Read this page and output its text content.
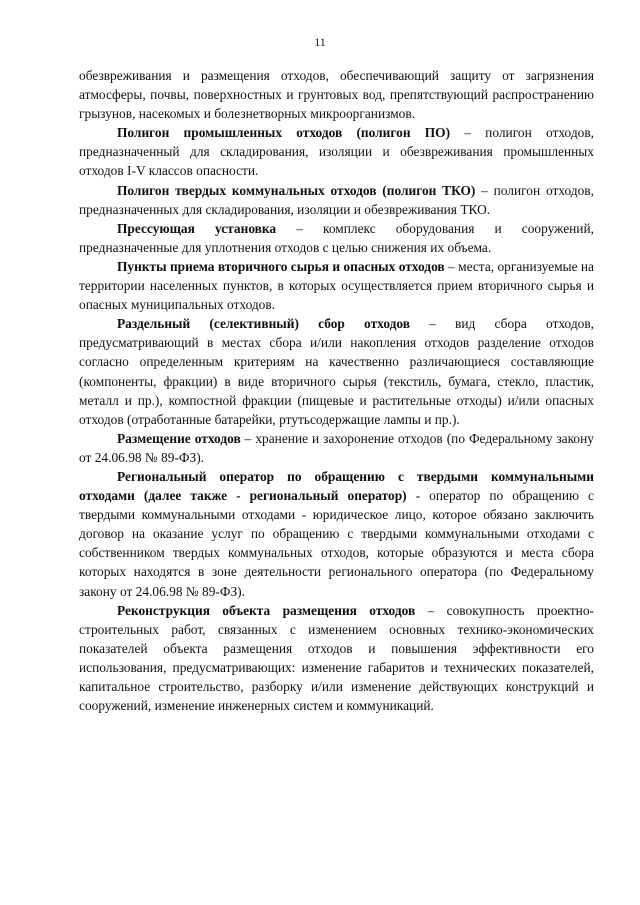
11

обезвреживания и размещения отходов, обеспечивающий защиту от загрязнения атмосферы, почвы, поверхностных и грунтовых вод, препятствующий распространению грызунов, насекомых и болезнетворных микроорганизмов.

Полигон промышленных отходов (полигон ПО) – полигон отходов, предназначенный для складирования, изоляции и обезвреживания промышленных отходов I-V классов опасности.

Полигон твердых коммунальных отходов (полигон ТКО) – полигон отходов, предназначенных для складирования, изоляции и обезвреживания ТКО.

Прессующая установка – комплекс оборудования и сооружений, предназначенные для уплотнения отходов с целью снижения их объема.

Пункты приема вторичного сырья и опасных отходов – места, организуемые на территории населенных пунктов, в которых осуществляется прием вторичного сырья и опасных муниципальных отходов.

Раздельный (селективный) сбор отходов – вид сбора отходов, предусматривающий в местах сбора и/или накопления отходов разделение отходов согласно определенным критериям на качественно различающиеся составляющие (компоненты, фракции) в виде вторичного сырья (текстиль, бумага, стекло, пластик, металл и пр.), компостной фракции (пищевые и растительные отходы) и/или опасных отходов (отработанные батарейки, ртутьсодержащие лампы и пр.).

Размещение отходов – хранение и захоронение отходов (по Федеральному закону от 24.06.98 № 89-ФЗ).

Региональный оператор по обращению с твердыми коммунальными отходами (далее также - региональный оператор) - оператор по обращению с твердыми коммунальными отходами - юридическое лицо, которое обязано заключить договор на оказание услуг по обращению с твердыми коммунальными отходами с собственником твердых коммунальных отходов, которые образуются и места сбора которых находятся в зоне деятельности регионального оператора (по Федеральному закону от 24.06.98 № 89-ФЗ).

Реконструкция объекта размещения отходов – совокупность проектно-строительных работ, связанных с изменением основных технико-экономических показателей объекта размещения отходов и повышения эффективности его использования, предусматривающих: изменение габаритов и технических показателей, капитальное строительство, разборку и/или изменение действующих конструкций и сооружений, изменение инженерных систем и коммуникаций.
